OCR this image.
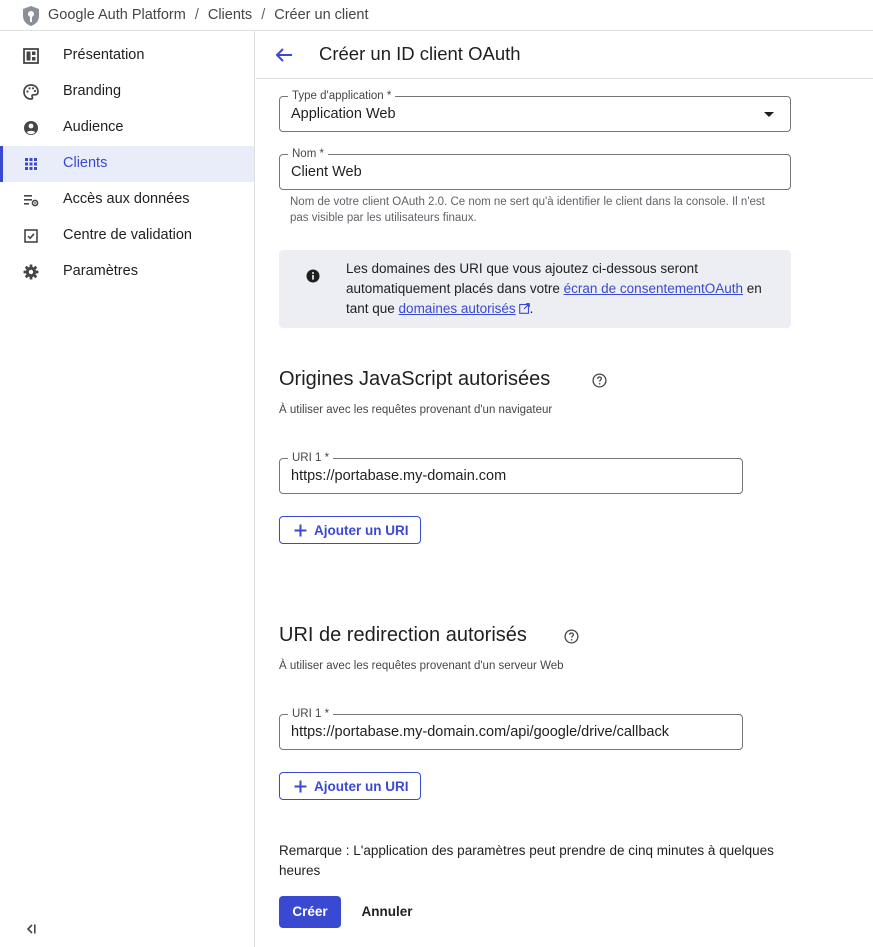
Google Auth Platform / Clients / Créer un client
Présentation
Branding
Audience
Clients
Accès aux données
Centre de validation
Paramètres
Créer un ID client OAuth
Type d'application *
Application Web
Nom *
Client Web
Nom de votre client OAuth 2.0. Ce nom ne sert qu'à identifier le client dans la console. Il n'est pas visible par les utilisateurs finaux.
Les domaines des URI que vous ajoutez ci-dessous seront automatiquement placés dans votre écran de consentementOAuth en tant que domaines autorisés .
Origines JavaScript autorisées
À utiliser avec les requêtes provenant d'un navigateur
URI 1 *
https://portabase.my-domain.com
Ajouter un URI
URI de redirection autorisés
À utiliser avec les requêtes provenant d'un serveur Web
URI 1 *
https://portabase.my-domain.com/api/google/drive/callback
Ajouter un URI
Remarque : L'application des paramètres peut prendre de cinq minutes à quelques heures
Créer	Annuler
